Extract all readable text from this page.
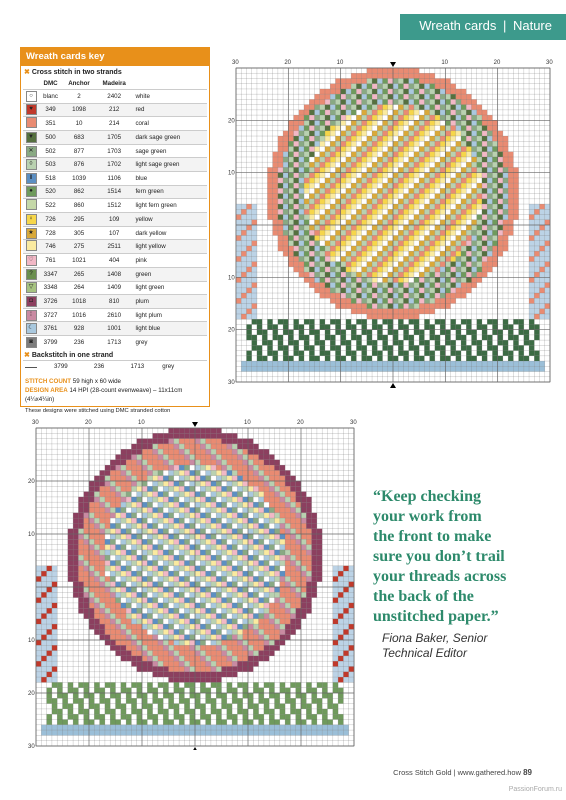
Wreath cards | Nature
Wreath cards key
✖ Cross stitch in two strands
	DMC	Anchor	Madeira	
○	blanc	2	2402	white
♥	349	1098	212	red
	351	10	214	coral
▼	500	683	1705	dark sage green
✕	502	877	1703	sage green
◊	503	876	1702	light sage green
Ⅱ	518	1039	1106	blue
●	520	862	1514	fern green
	522	860	1512	light fern green
♀	726	295	109	yellow
★	728	305	107	dark yellow
	746	275	2511	light yellow
♡	761	1021	404	pink
?	3347	265	1408	green
▽	3348	264	1409	light green
◘	3726	1018	810	plum
⁞	3727	1016	2610	light plum
☾	3761	928	1001	light blue
◙	3799	236	1713	grey
✖ Backstitch in one strand
	3799	236	1713	grey
STITCH COUNT 59 high x 60 wide
DESIGN AREA 14 HPI (28-count evenweave) – 11x11cm (4¼x4¼in)
These designs were stitched using DMC stranded cotton
30	20	10	10	20	30
20
10
10
20
30
30	20	10	10	20	30
20
10
10
20
30
“Keep checking
your work from
the front to make
sure you don’t trail
your threads across
the back of the
unstitched paper.”
Fiona Baker, Senior
Technical Editor
Cross Stitch Gold | www.gathered.how 89
PassionForum.ru
